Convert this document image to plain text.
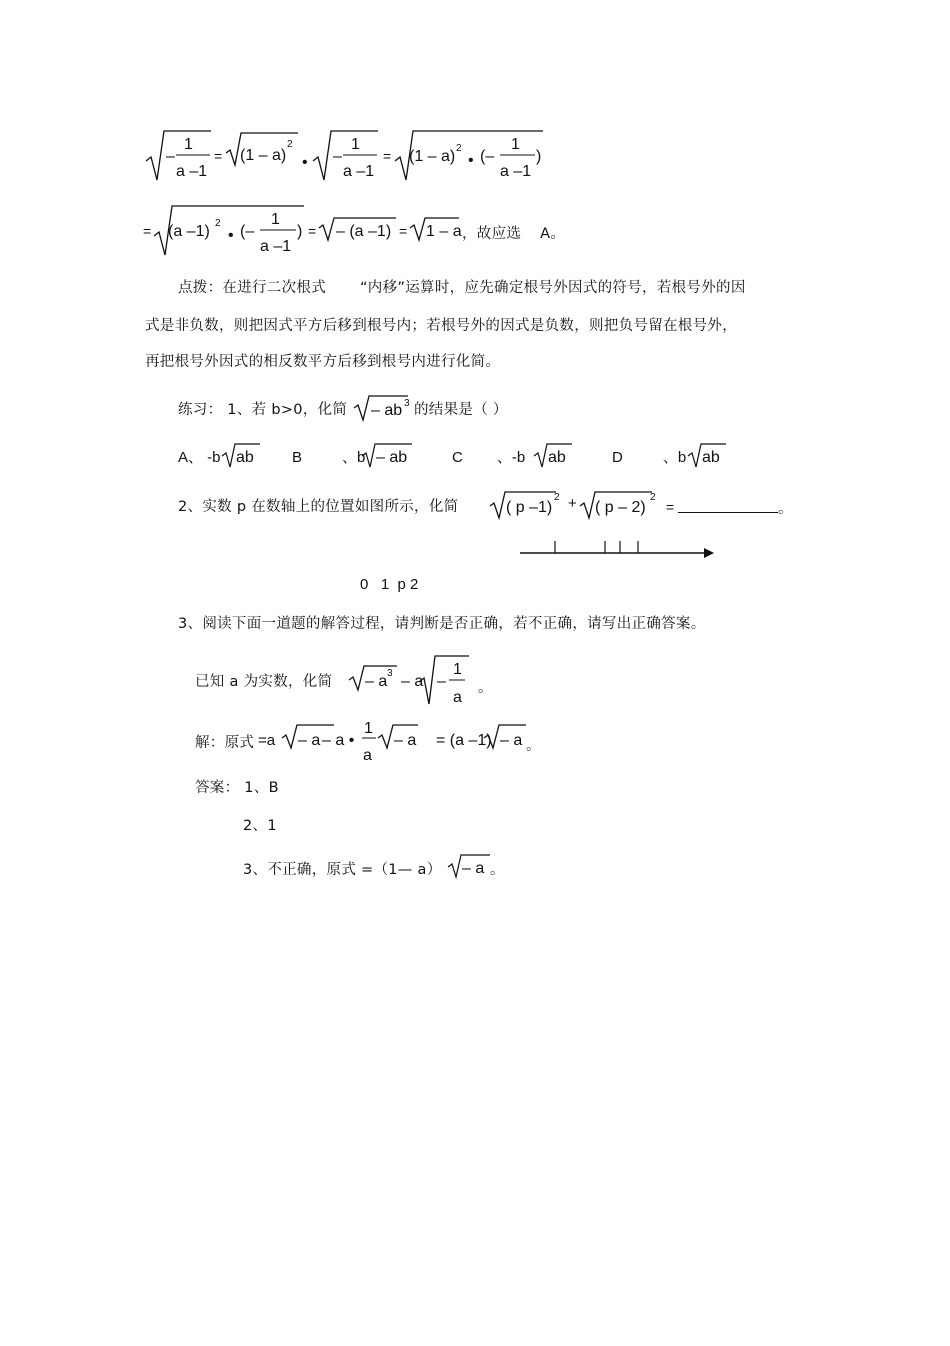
–
1
a –1
= (1 – a)
2
• –
1
a –1
= (1 – a) 2
• (–
1
a –1
)
= (a –1) 2
• (–
1
a –1
) = – (a –1) = 1 – a ，故应选 A。
点拨：在进行二次根式 “内移”运算时，应先确定根号外因式的符号，若根号外的因
式是非负数，则把因式平方后移到根号内；若根号外的因式是负数，则把负号留在根号外，
再把根号外因式的相反数平方后移到根号内进行化简。
练习： 1、若 b>0，化简 – ab 3 的结果是（ ）
A、 -b ab	B	、b – ab	C 、-b ab	D	、b ab
2、实数 p 在数轴上的位置如图所示，化简	( p –1)
2 + ( p – 2)
2
=	。
0   1  p 2
3、阅读下面一道题的解答过程，请判断是否正确，若不正确，请写出正确答案。
已知 a 为实数，化简 – a 3 – a –
1
a
。
解：原式 =a – a – a •
1
a
– a = (a –1) – a 。
答案： 1、B
2、1
3、不正确，原式 =（1— a） – a 。
